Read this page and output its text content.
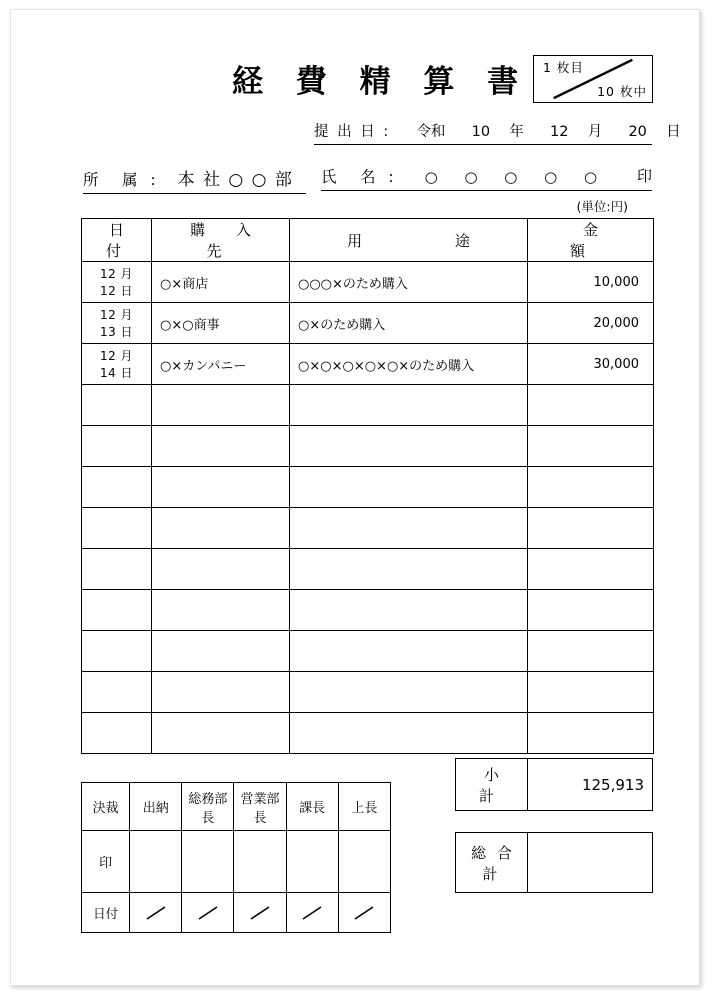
経 費 精 算 書 1 枚目
10 枚中
提 出 日 : 令和 10 年 12 月 20 日
所　属 : 本 社 ○ ○ 部	氏　名 : ○ ○ ○ ○ ○ 印
(単位:円)
日 付	購 入 先	用 途	金 額
12 月 12 日	○×商店	○○○×のため購入	10,000
12 月 13 日	○×○商事	○×のため購入	20,000
12 月 14 日	○×カンパニー	○×○×○×○×○×のため購入	30,000

小　計	125,913
総 合 計	
決裁	出納	総務部長	営業部長	課長	上長
印					
日付	
